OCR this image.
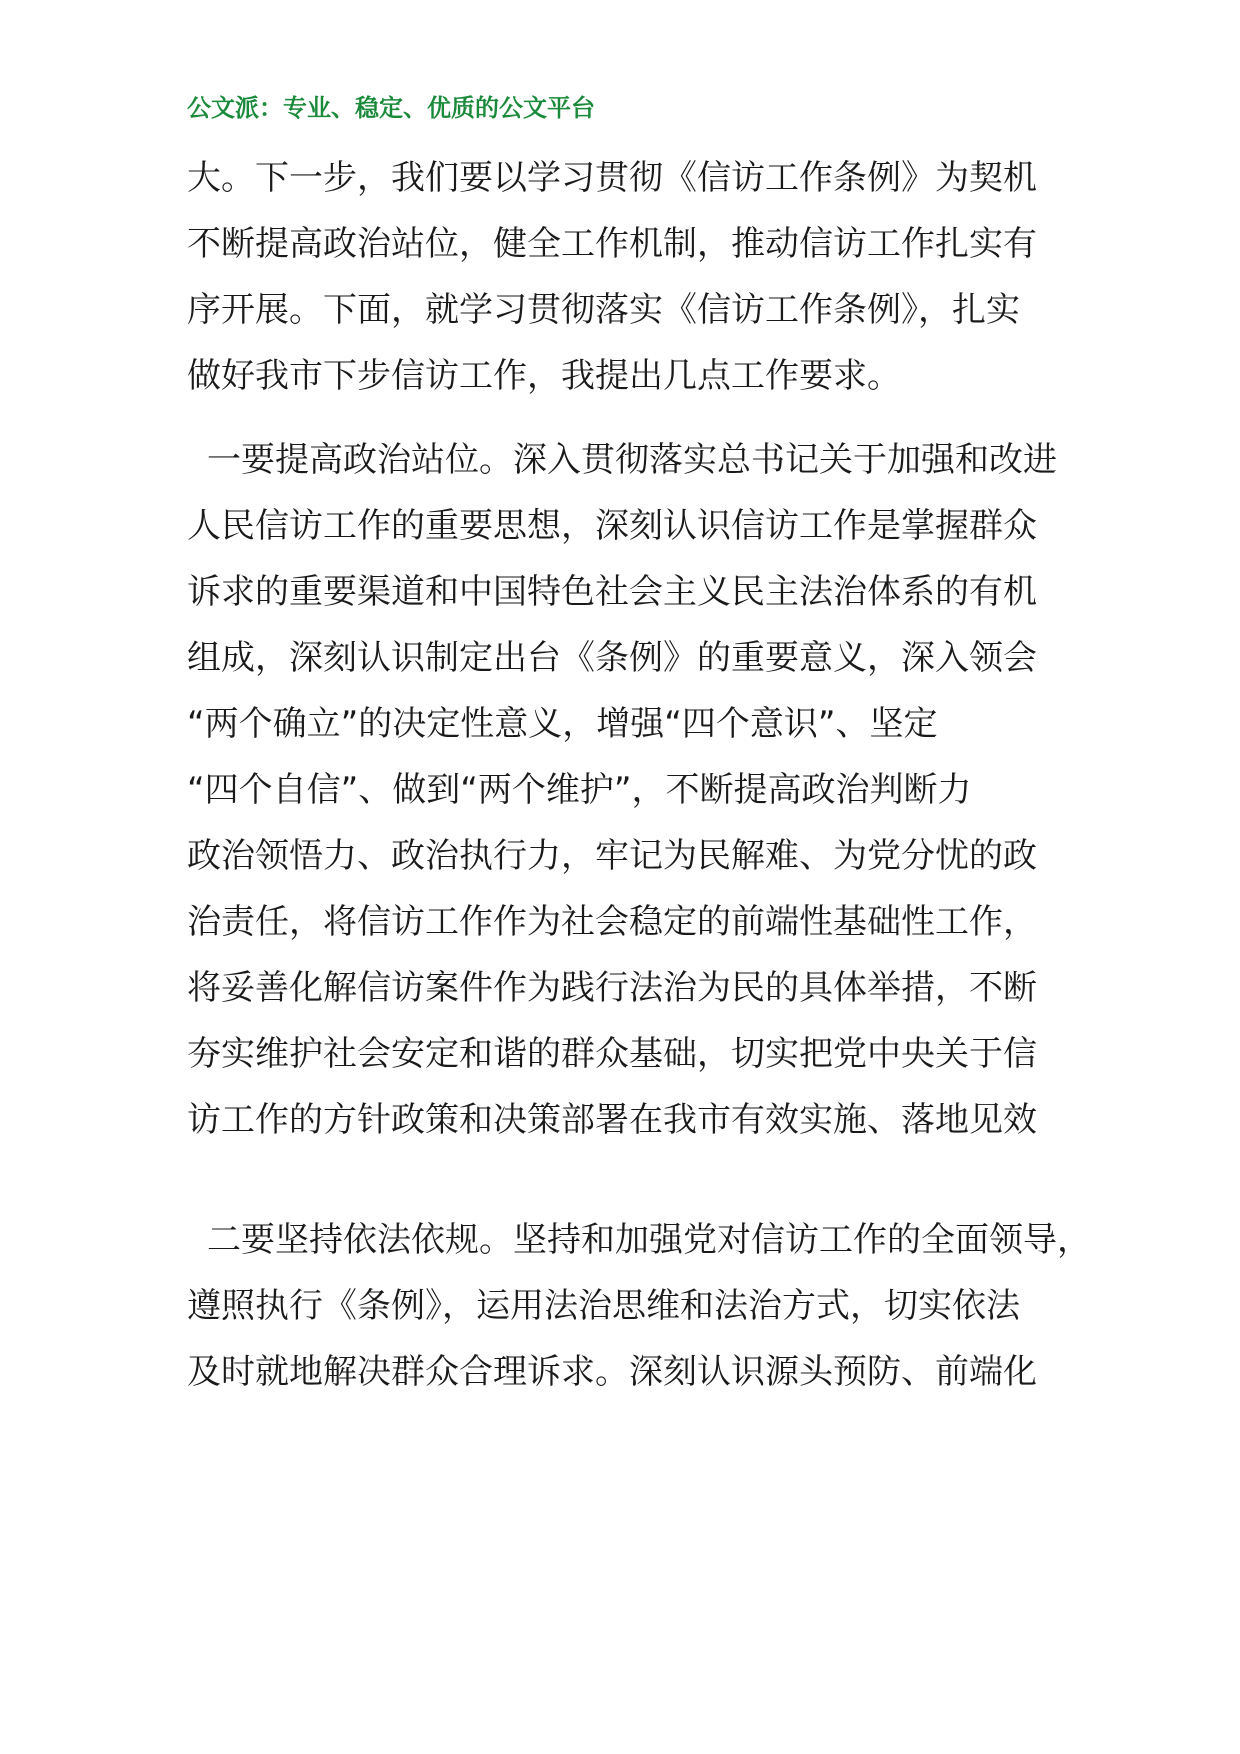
公文派：专业、稳定、优质的公文平台
大。下一步，我们要以学习贯彻《信访工作条例》为契机
不断提高政治站位，健全工作机制，推动信访工作扎实有
序开展。下面，就学习贯彻落实《信访工作条例》，扎实
做好我市下步信访工作，我提出几点工作要求。
一要提高政治站位。深入贯彻落实总书记关于加强和改进
人民信访工作的重要思想，深刻认识信访工作是掌握群众
诉求的重要渠道和中国特色社会主义民主法治体系的有机
组成，深刻认识制定出台《条例》的重要意义，深入领会
“两个确立”的决定性意义，增强“四个意识”、坚定
“四个自信”、做到“两个维护”，不断提高政治判断力
政治领悟力、政治执行力，牢记为民解难、为党分忧的政
治责任，将信访工作作为社会稳定的前端性基础性工作，
将妥善化解信访案件作为践行法治为民的具体举措，不断
夯实维护社会安定和谐的群众基础，切实把党中央关于信
访工作的方针政策和决策部署在我市有效实施、落地见效
二要坚持依法依规。坚持和加强党对信访工作的全面领导，
遵照执行《条例》，运用法治思维和法治方式，切实依法
及时就地解决群众合理诉求。深刻认识源头预防、前端化
